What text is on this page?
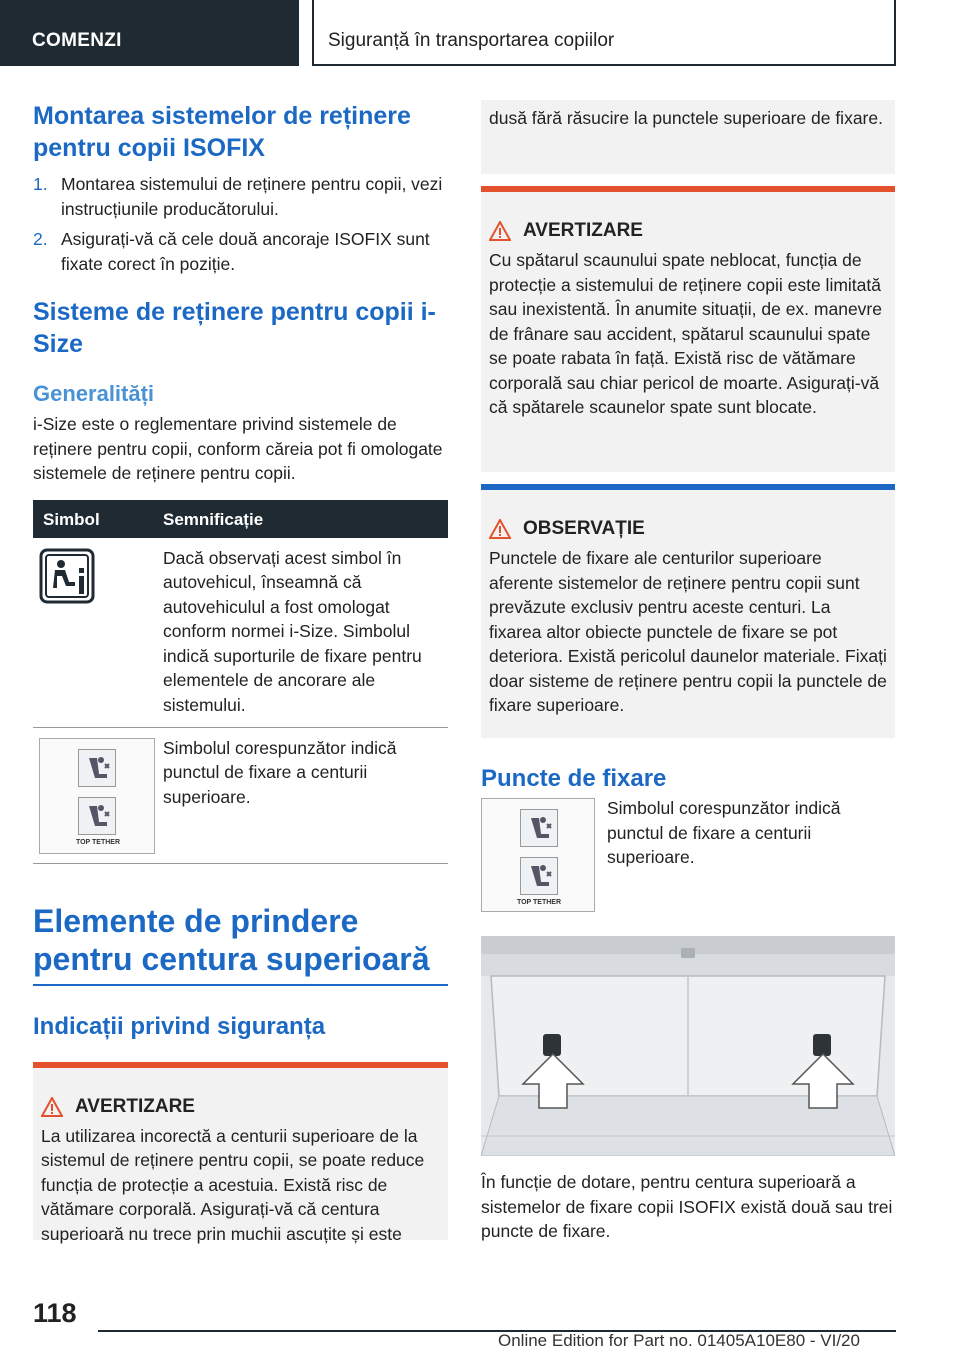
COMENZI	Siguranță în transportarea copiilor
Montarea sistemelor de reținere pentru copii ISOFIX
1. Montarea sistemului de reținere pentru copii, vezi instrucțiunile producătorului.
2. Asigurați-vă că cele două ancoraje ISOFIX sunt fixate corect în poziție.
Sisteme de reținere pentru copii i-Size
Generalități

i-Size este o reglementare privind sistemele de reținere pentru copii, conform căreia pot fi omologate sistemele de reținere pentru copii.

Simbol	Semnificație

Dacă observați acest simbol în autovehicul, înseamnă că autovehiculul a fost omologat conform normei i-Size. Simbolul indică suporturile de fixare pentru elementele de ancorare ale sistemului.

TOP TETHER

Simbolul corespunzător indică punctul de fixare a centurii superioare.

Elemente de prindere pentru centura superioară
Indicații privind siguranța
AVERTIZARE

La utilizarea incorectă a centurii superioare de la sistemul de reținere pentru copii, se poate reduce funcția de protecție a acestuia. Există risc de vătămare corporală. Asigurați-vă că centura superioară nu trece prin muchii ascuțite și este

dusă fără răsucire la punctele superioare de fixare.

AVERTIZARE

Cu spătarul scaunului spate neblocat, funcția de protecție a sistemului de reținere copii este limitată sau inexistentă. În anumite situații, de ex. manevre de frânare sau accident, spătarul scaunului spate se poate rabata în față. Există risc de vătămare corporală sau chiar pericol de moarte. Asigurați-vă că spătarele scaunelor spate sunt blocate.

OBSERVAȚIE

Punctele de fixare ale centurilor superioare aferente sistemelor de reținere pentru copii sunt prevăzute exclusiv pentru aceste centuri. La fixarea altor obiecte punctele de fixare se pot deteriora. Există pericolul daunelor materiale. Fixați doar sisteme de reținere pentru copii la punctele de fixare superioare.

Puncte de fixare
TOP TETHER

Simbolul corespunzător indică punctul de fixare a centurii superioare.

În funcție de dotare, pentru centura superioară a sistemelor de fixare copii ISOFIX există două sau trei puncte de fixare.

118
Online Edition for Part no. 01405A10E80 - VI/20
